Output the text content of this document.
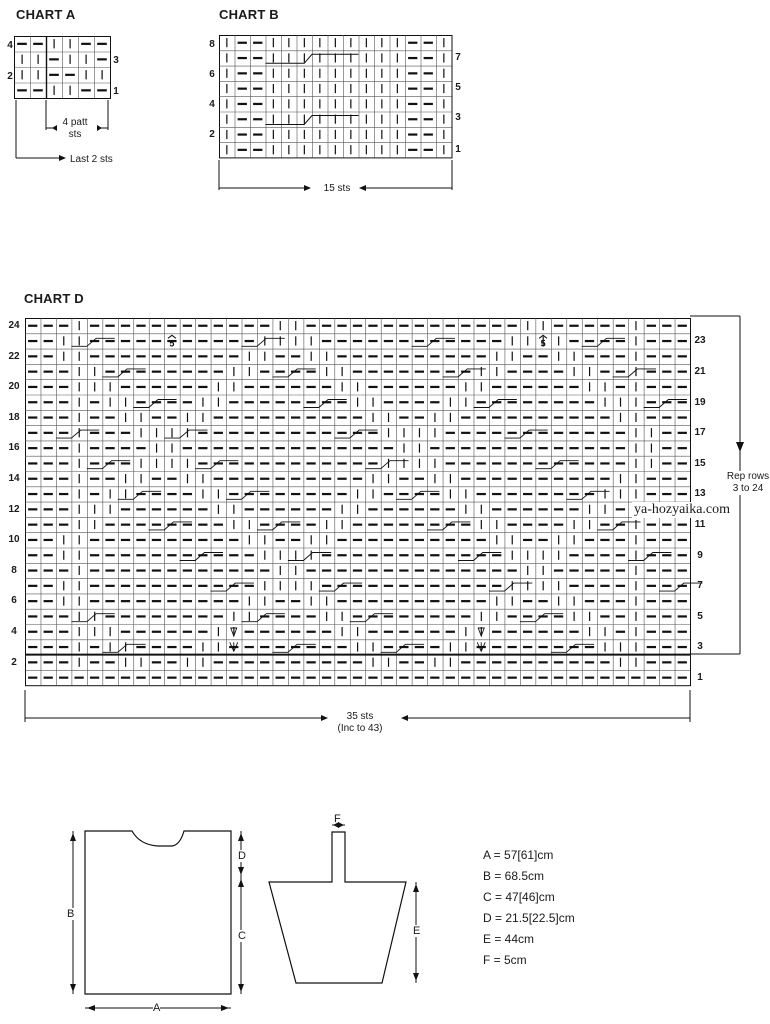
CHART A
4
2
3
1
4 patt
sts
Last 2 sts
CHART B
8
6
4
2
7
5
3
1
15 sts
CHART D
5	5
24
22
20
18
16
14
12
10
8
6
4
2
23
21
19
17
15
13
11
9
7
5
3
1
Rep rows
3 to 24
ya-hozyaika.com
35 sts
(Inc to 43)
B
D
C
A
F
E
A = 57[61]cm
B = 68.5cm
C = 47[46]cm
D = 21.5[22.5]cm
E = 44cm
F = 5cm
